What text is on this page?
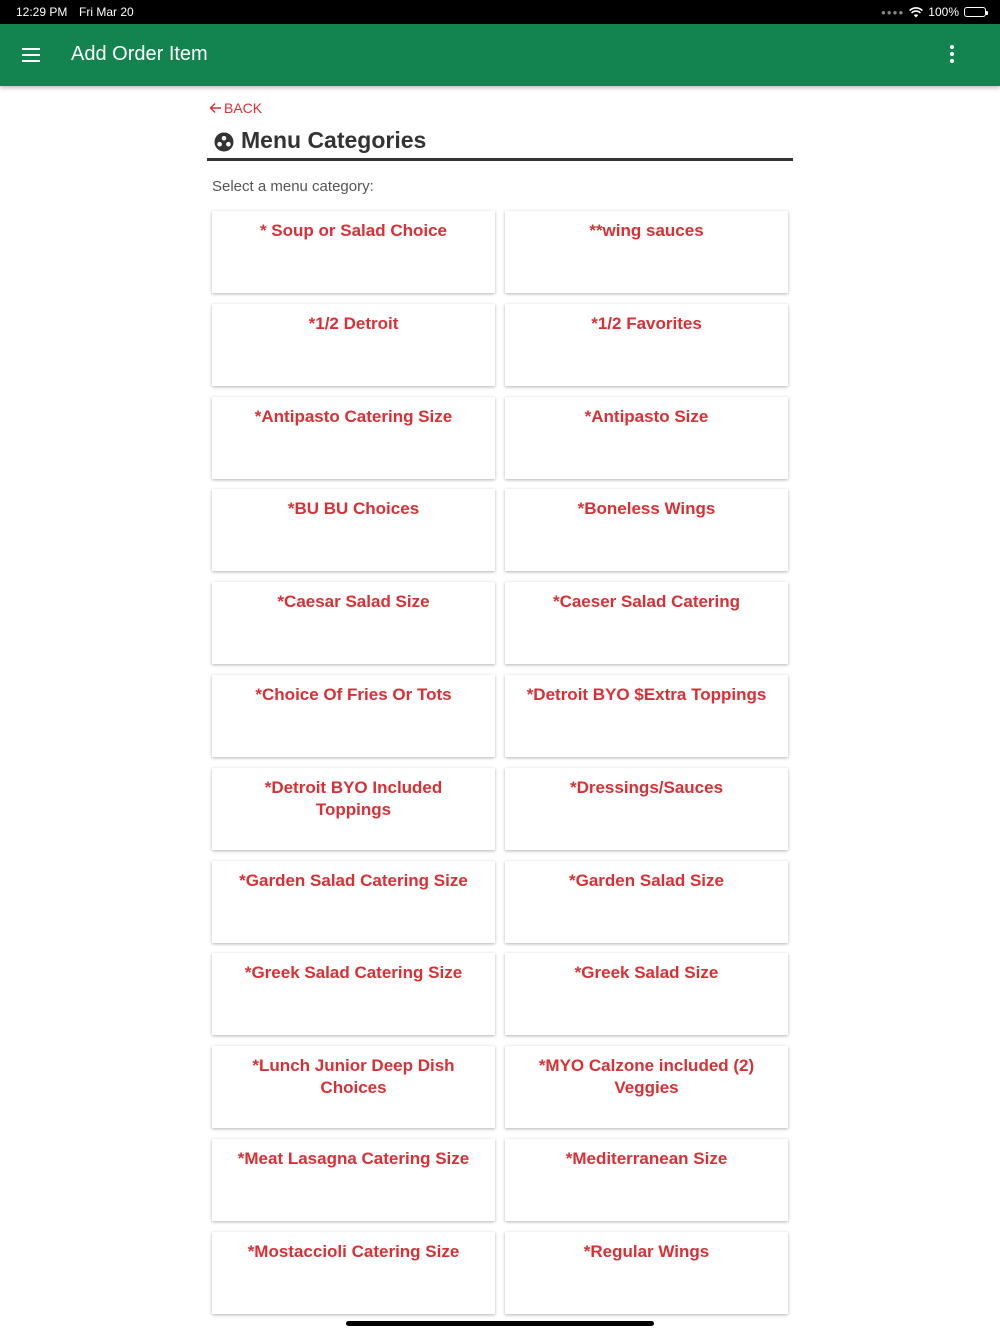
12:29 PM Fri Mar 20	●●●● 100%
Add Order Item
BACK
Menu Categories
Select a menu category:
* Soup or Salad Choice	**wing sauces
*1/2 Detroit	*1/2 Favorites
*Antipasto Catering Size	*Antipasto Size
*BU BU Choices	*Boneless Wings
*Caesar Salad Size	*Caeser Salad Catering
*Choice Of Fries Or Tots	*Detroit BYO $Extra Toppings
*Detroit BYO Included Toppings
*Dressings/Sauces
*Garden Salad Catering Size	*Garden Salad Size
*Greek Salad Catering Size	*Greek Salad Size
*Lunch Junior Deep Dish Choices
*MYO Calzone included (2) Veggies
*Meat Lasagna Catering Size	*Mediterranean Size
*Mostaccioli Catering Size	*Regular Wings
